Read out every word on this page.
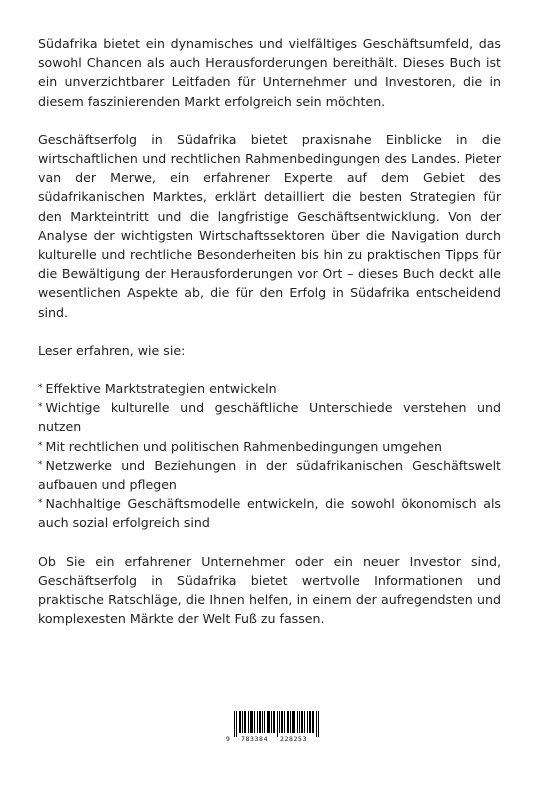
Südafrika bietet ein dynamisches und vielfältiges Geschäftsumfeld, das sowohl Chancen als auch Herausforderungen bereithält. Dieses Buch ist ein unverzichtbarer Leitfaden für Unternehmer und Investoren, die in diesem faszinierenden Markt erfolgreich sein möchten.

Geschäftserfolg in Südafrika bietet praxisnahe Einblicke in die wirtschaftlichen und rechtlichen Rahmenbedingungen des Landes. Pieter van der Merwe, ein erfahrener Experte auf dem Gebiet des südafrikanischen Marktes, erklärt detailliert die besten Strategien für den Markteintritt und die langfristige Geschäftsentwicklung. Von der Analyse der wichtigsten Wirtschaftssektoren über die Navigation durch kulturelle und rechtliche Besonderheiten bis hin zu praktischen Tipps für die Bewältigung der Herausforderungen vor Ort – dieses Buch deckt alle wesentlichen Aspekte ab, die für den Erfolg in Südafrika entscheidend sind.

Leser erfahren, wie sie:

* Effektive Marktstrategien entwickeln
* Wichtige kulturelle und geschäftliche Unterschiede verstehen und nutzen
* Mit rechtlichen und politischen Rahmenbedingungen umgehen
* Netzwerke und Beziehungen in der südafrikanischen Geschäftswelt aufbauen und pflegen
* Nachhaltige Geschäftsmodelle entwickeln, die sowohl ökonomisch als auch sozial erfolgreich sind

Ob Sie ein erfahrener Unternehmer oder ein neuer Investor sind, Geschäftserfolg in Südafrika bietet wertvolle Informationen und praktische Ratschläge, die Ihnen helfen, in einem der aufregendsten und komplexesten Märkte der Welt Fuß zu fassen.

9 783384 228253
